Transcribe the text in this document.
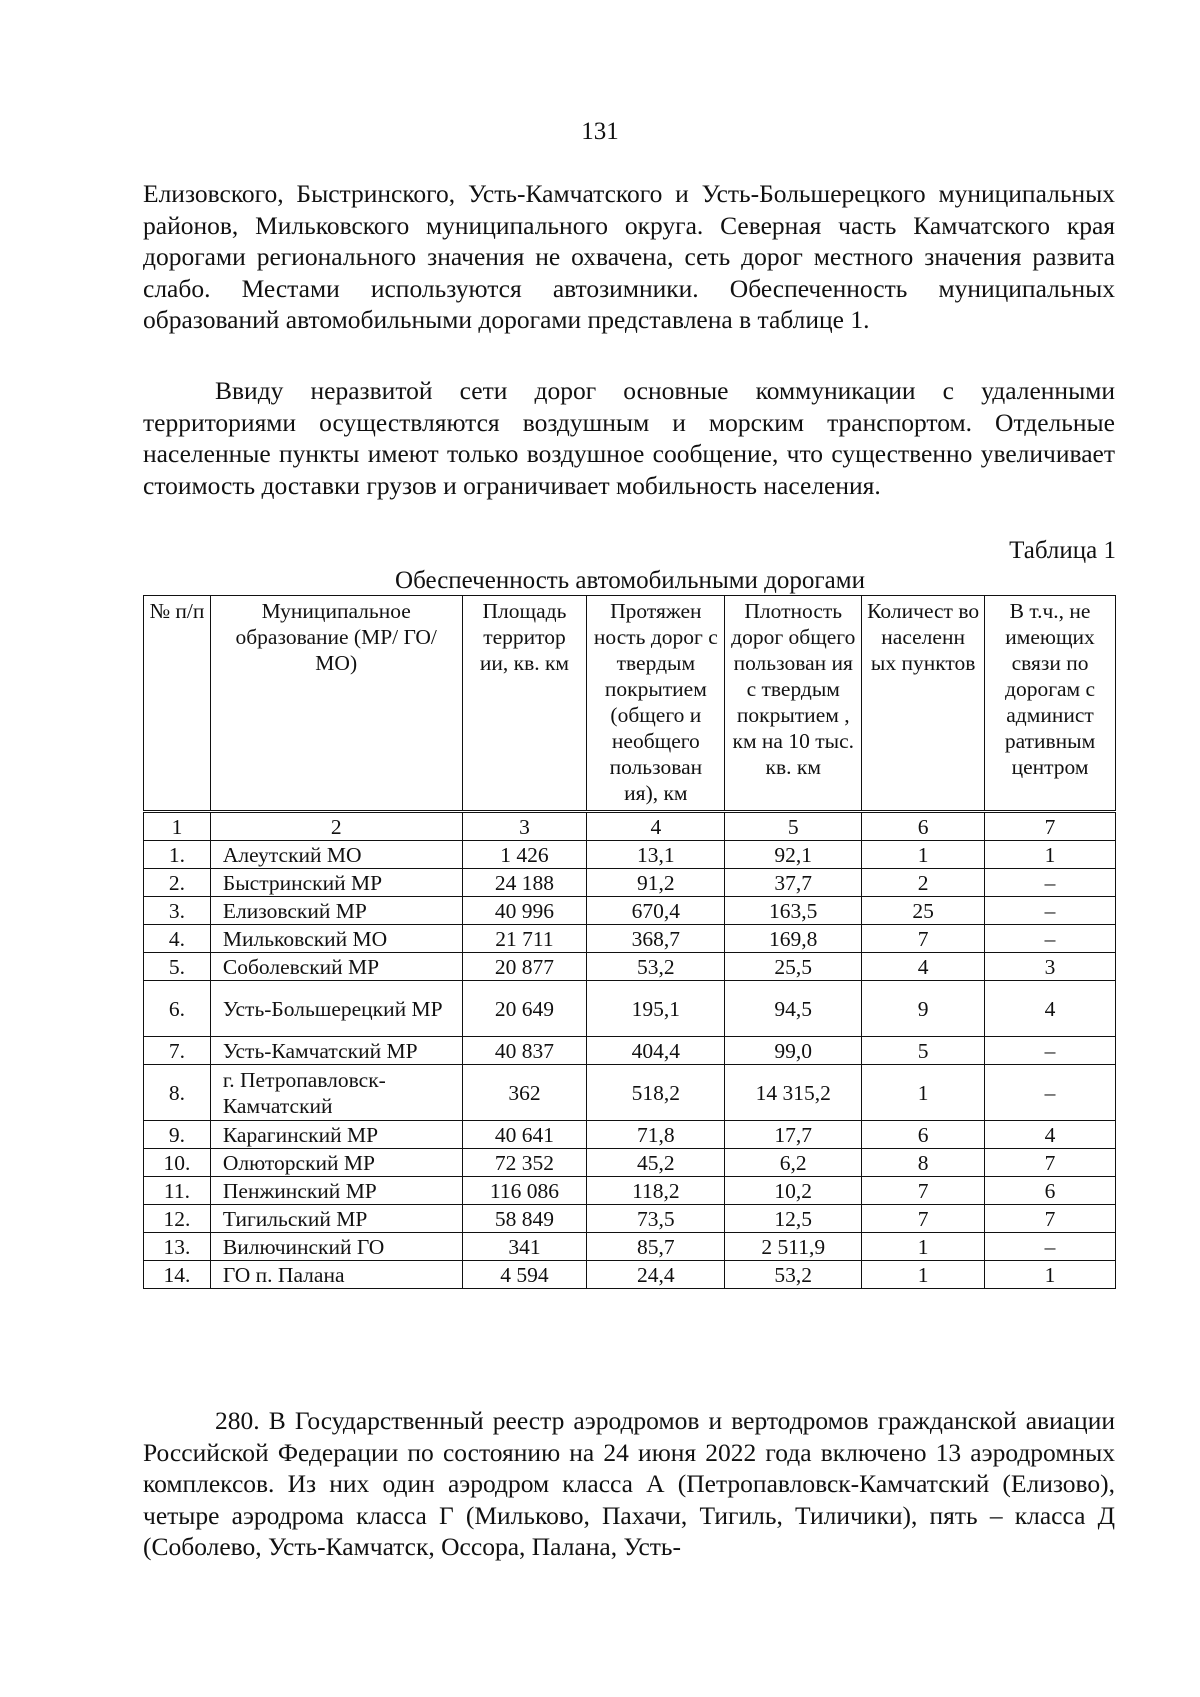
131

Елизовского, Быстринского, Усть-Камчатского и Усть-Большерецкого муниципальных районов, Мильковского муниципального округа. Северная часть Камчатского края дорогами регионального значения не охвачена, сеть дорог местного значения развита слабо. Местами используются автозимники. Обеспеченность муниципальных образований автомобильными дорогами представлена в таблице 1.

Ввиду неразвитой сети дорог основные коммуникации с удаленными территориями осуществляются воздушным и морским транспортом. Отдельные населенные пункты имеют только воздушное сообщение, что существенно увеличивает стоимость доставки грузов и ограничивает мобильность населения.

Таблица 1
Обеспеченность автомобильными дорогами
№ п/п	Муниципальное образование (МР/ ГО/МО)	Площадь территор ии, кв. км	Протяжен ность дорог с твердым покрытием (общего и необщего пользован ия), км	Плотность дорог общего пользован ия с твердым покрытием , км на 10 тыс. кв. км	Количест во населенн ых пунктов	В т.ч., не имеющих связи по дорогам с админист ративным центром
1	2	3	4	5	6	7
1.	Алеутский МО	1 426	13,1	92,1	1	1
2.	Быстринский МР	24 188	91,2	37,7	2	–
3.	Елизовский МР	40 996	670,4	163,5	25	–
4.	Мильковский МО	21 711	368,7	169,8	7	–
5.	Соболевский МР	20 877	53,2	25,5	4	3
6.	Усть-Большерецкий МР	20 649	195,1	94,5	9	4
7.	Усть-Камчатский МР	40 837	404,4	99,0	5	–
8.	г. Петропавловск-Камчатский	362	518,2	14 315,2	1	–
9.	Карагинский МР	40 641	71,8	17,7	6	4
10.	Олюторский МР	72 352	45,2	6,2	8	7
11.	Пенжинский МР	116 086	118,2	10,2	7	6
12.	Тигильский МР	58 849	73,5	12,5	7	7
13.	Вилючинский ГО	341	85,7	2 511,9	1	–
14.	ГО п. Палана	4 594	24,4	53,2	1	1

280. В Государственный реестр аэродромов и вертодромов гражданской авиации Российской Федерации по состоянию на 24 июня 2022 года включено 13 аэродромных комплексов. Из них один аэродром класса А (Петропавловск-Камчатский (Елизово), четыре аэродрома класса Г (Мильково, Пахачи, Тигиль, Тиличики), пять – класса Д (Соболево, Усть-Камчатск, Оссора, Палана, Усть-
